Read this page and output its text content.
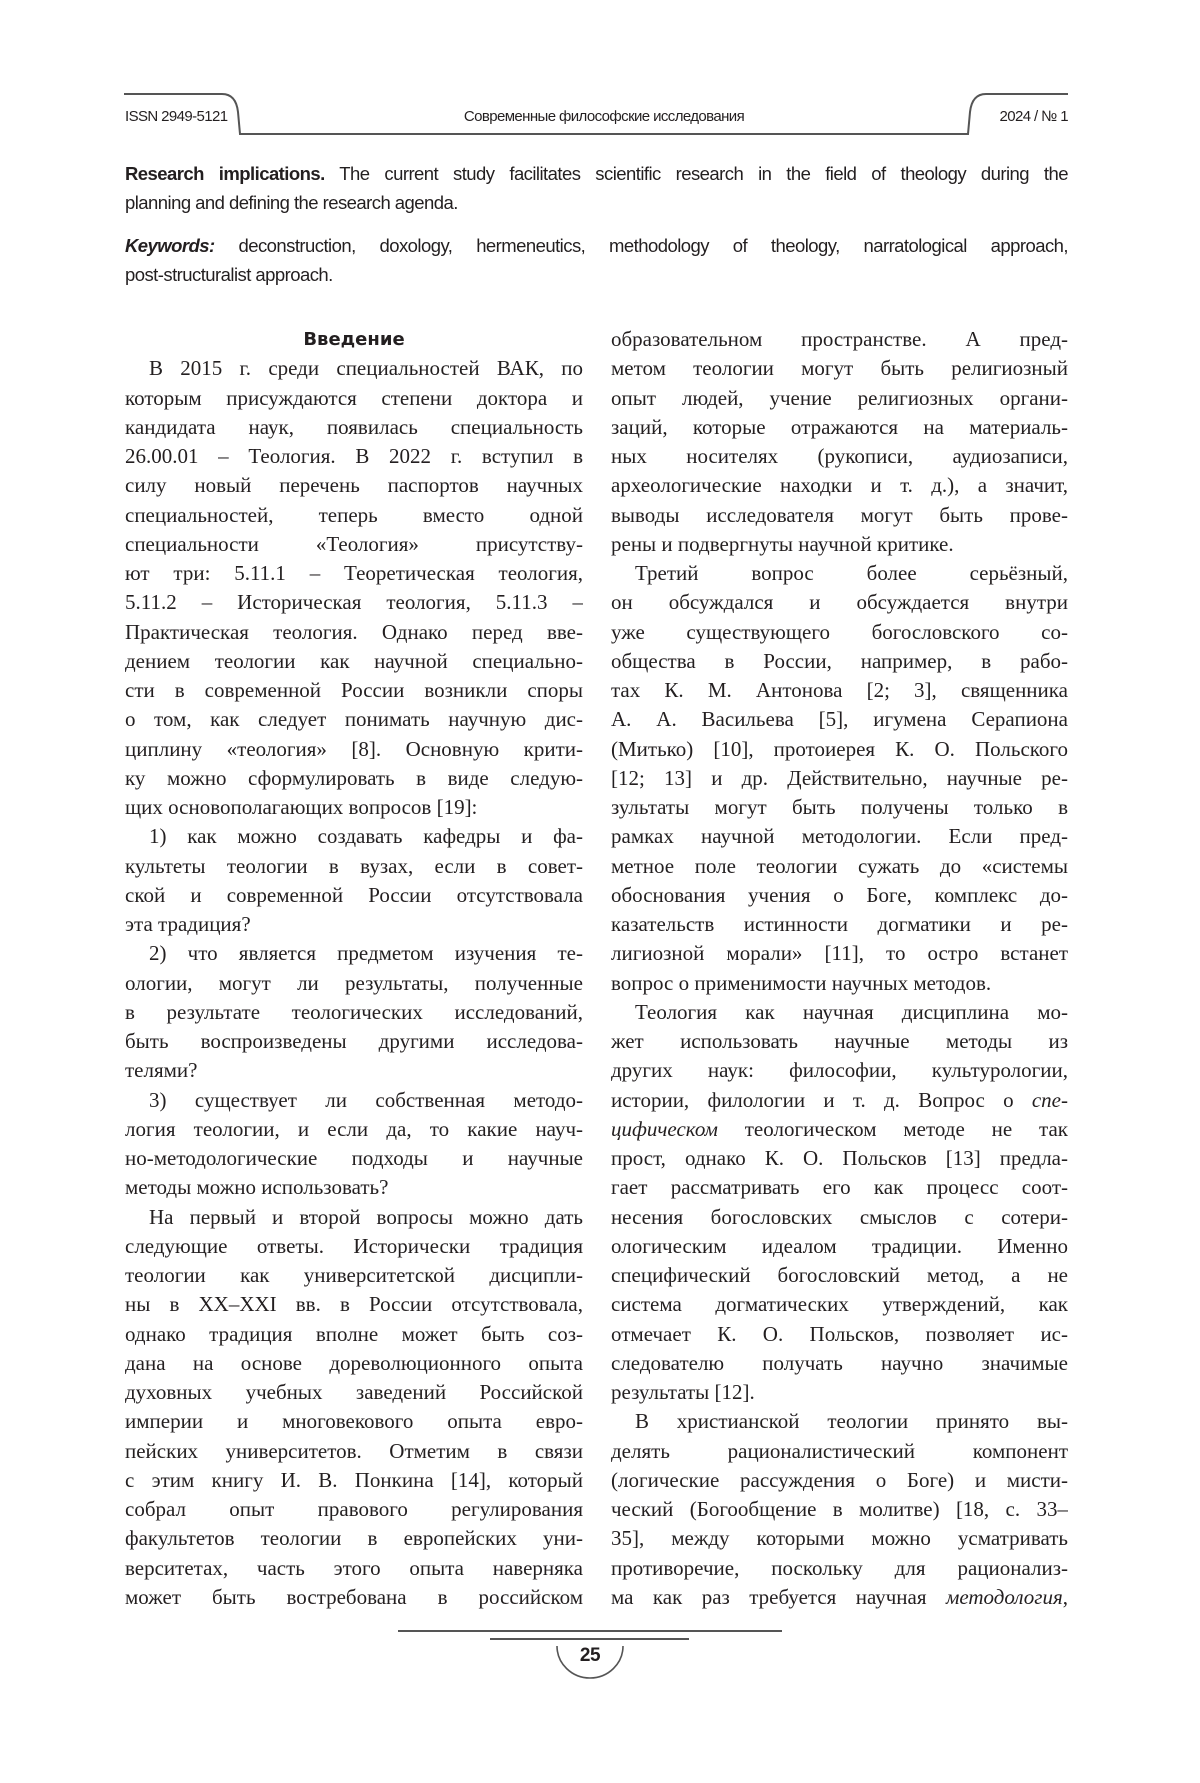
ISSN 2949-5121	Современные философские исследования	2024 / № 1
Research implications. The current study facilitates scientific research in the field of theology during the
planning and defining the research agenda.
Keywords: deconstruction, doxology, hermeneutics, methodology of theology, narratological approach,
post-structuralist approach.
Введение
В 2015 г. среди специальностей ВАК, по
которым присуждаются степени доктора и
кандидата наук, появилась специальность
26.00.01 – Теология. В 2022 г. вступил в
силу новый перечень паспортов научных
специальностей, теперь вместо одной
специальности «Теология» присутству-
ют три: 5.11.1 – Теоретическая теология,
5.11.2 – Историческая теология, 5.11.3 –
Практическая теология. Однако перед вве-
дением теологии как научной специально-
сти в современной России возникли споры
о том, как следует понимать научную дис-
циплину «теология» [8]. Основную крити-
ку можно сформулировать в виде следую-
щих основополагающих вопросов [19]:
1) как можно создавать кафедры и фа-
культеты теологии в вузах, если в совет-
ской и современной России отсутствовала
эта традиция?
2) что является предметом изучения те-
ологии, могут ли результаты, полученные
в результате теологических исследований,
быть воспроизведены другими исследова-
телями?
3) существует ли собственная методо-
логия теологии, и если да, то какие науч-
но-методологические подходы и научные
методы можно использовать?
На первый и второй вопросы можно дать
следующие ответы. Исторически традиция
теологии как университетской дисципли-
ны в XX–XXI вв. в России отсутствовала,
однако традиция вполне может быть соз-
дана на основе дореволюционного опыта
духовных учебных заведений Российской
империи и многовекового опыта евро-
пейских университетов. Отметим в связи
с этим книгу И. В. Понкина [14], который
собрал опыт правового регулирования
факультетов теологии в европейских уни-
верситетах, часть этого опыта наверняка
может быть востребована в российском
образовательном пространстве. А пред-
метом теологии могут быть религиозный
опыт людей, учение религиозных органи-
заций, которые отражаются на материаль-
ных носителях (рукописи, аудиозаписи,
археологические находки и т. д.), а значит,
выводы исследователя могут быть прове-
рены и подвергнуты научной критике.
Третий вопрос более серьёзный,
он обсуждался и обсуждается внутри
уже существующего богословского со-
общества в России, например, в рабо-
тах К. М. Антонова [2; 3], священника
А. А. Васильева [5], игумена Серапиона
(Митько) [10], протоиерея К. О. Польского
[12; 13] и др. Действительно, научные ре-
зультаты могут быть получены только в
рамках научной методологии. Если пред-
метное поле теологии сужать до «системы
обоснования учения о Боге, комплекс до-
казательств истинности догматики и ре-
лигиозной морали» [11], то остро встанет
вопрос о применимости научных методов.
Теология как научная дисциплина мо-
жет использовать научные методы из
других наук: философии, культурологии,
истории, филологии и т. д. Вопрос о спе-
цифическом теологическом методе не так
прост, однако К. О. Польсков [13] предла-
гает рассматривать его как процесс соот-
несения богословских смыслов с сотери-
ологическим идеалом традиции. Именно
специфический богословский метод, а не
система догматических утверждений, как
отмечает К. О. Польсков, позволяет ис-
следователю получать научно значимые
результаты [12].
В христианской теологии принято вы-
делять рационалистический компонент
(логические рассуждения о Боге) и мисти-
ческий (Богообщение в молитве) [18, с. 33–
35], между которыми можно усматривать
противоречие, поскольку для рационализ-
ма как раз требуется научная методология,
25
